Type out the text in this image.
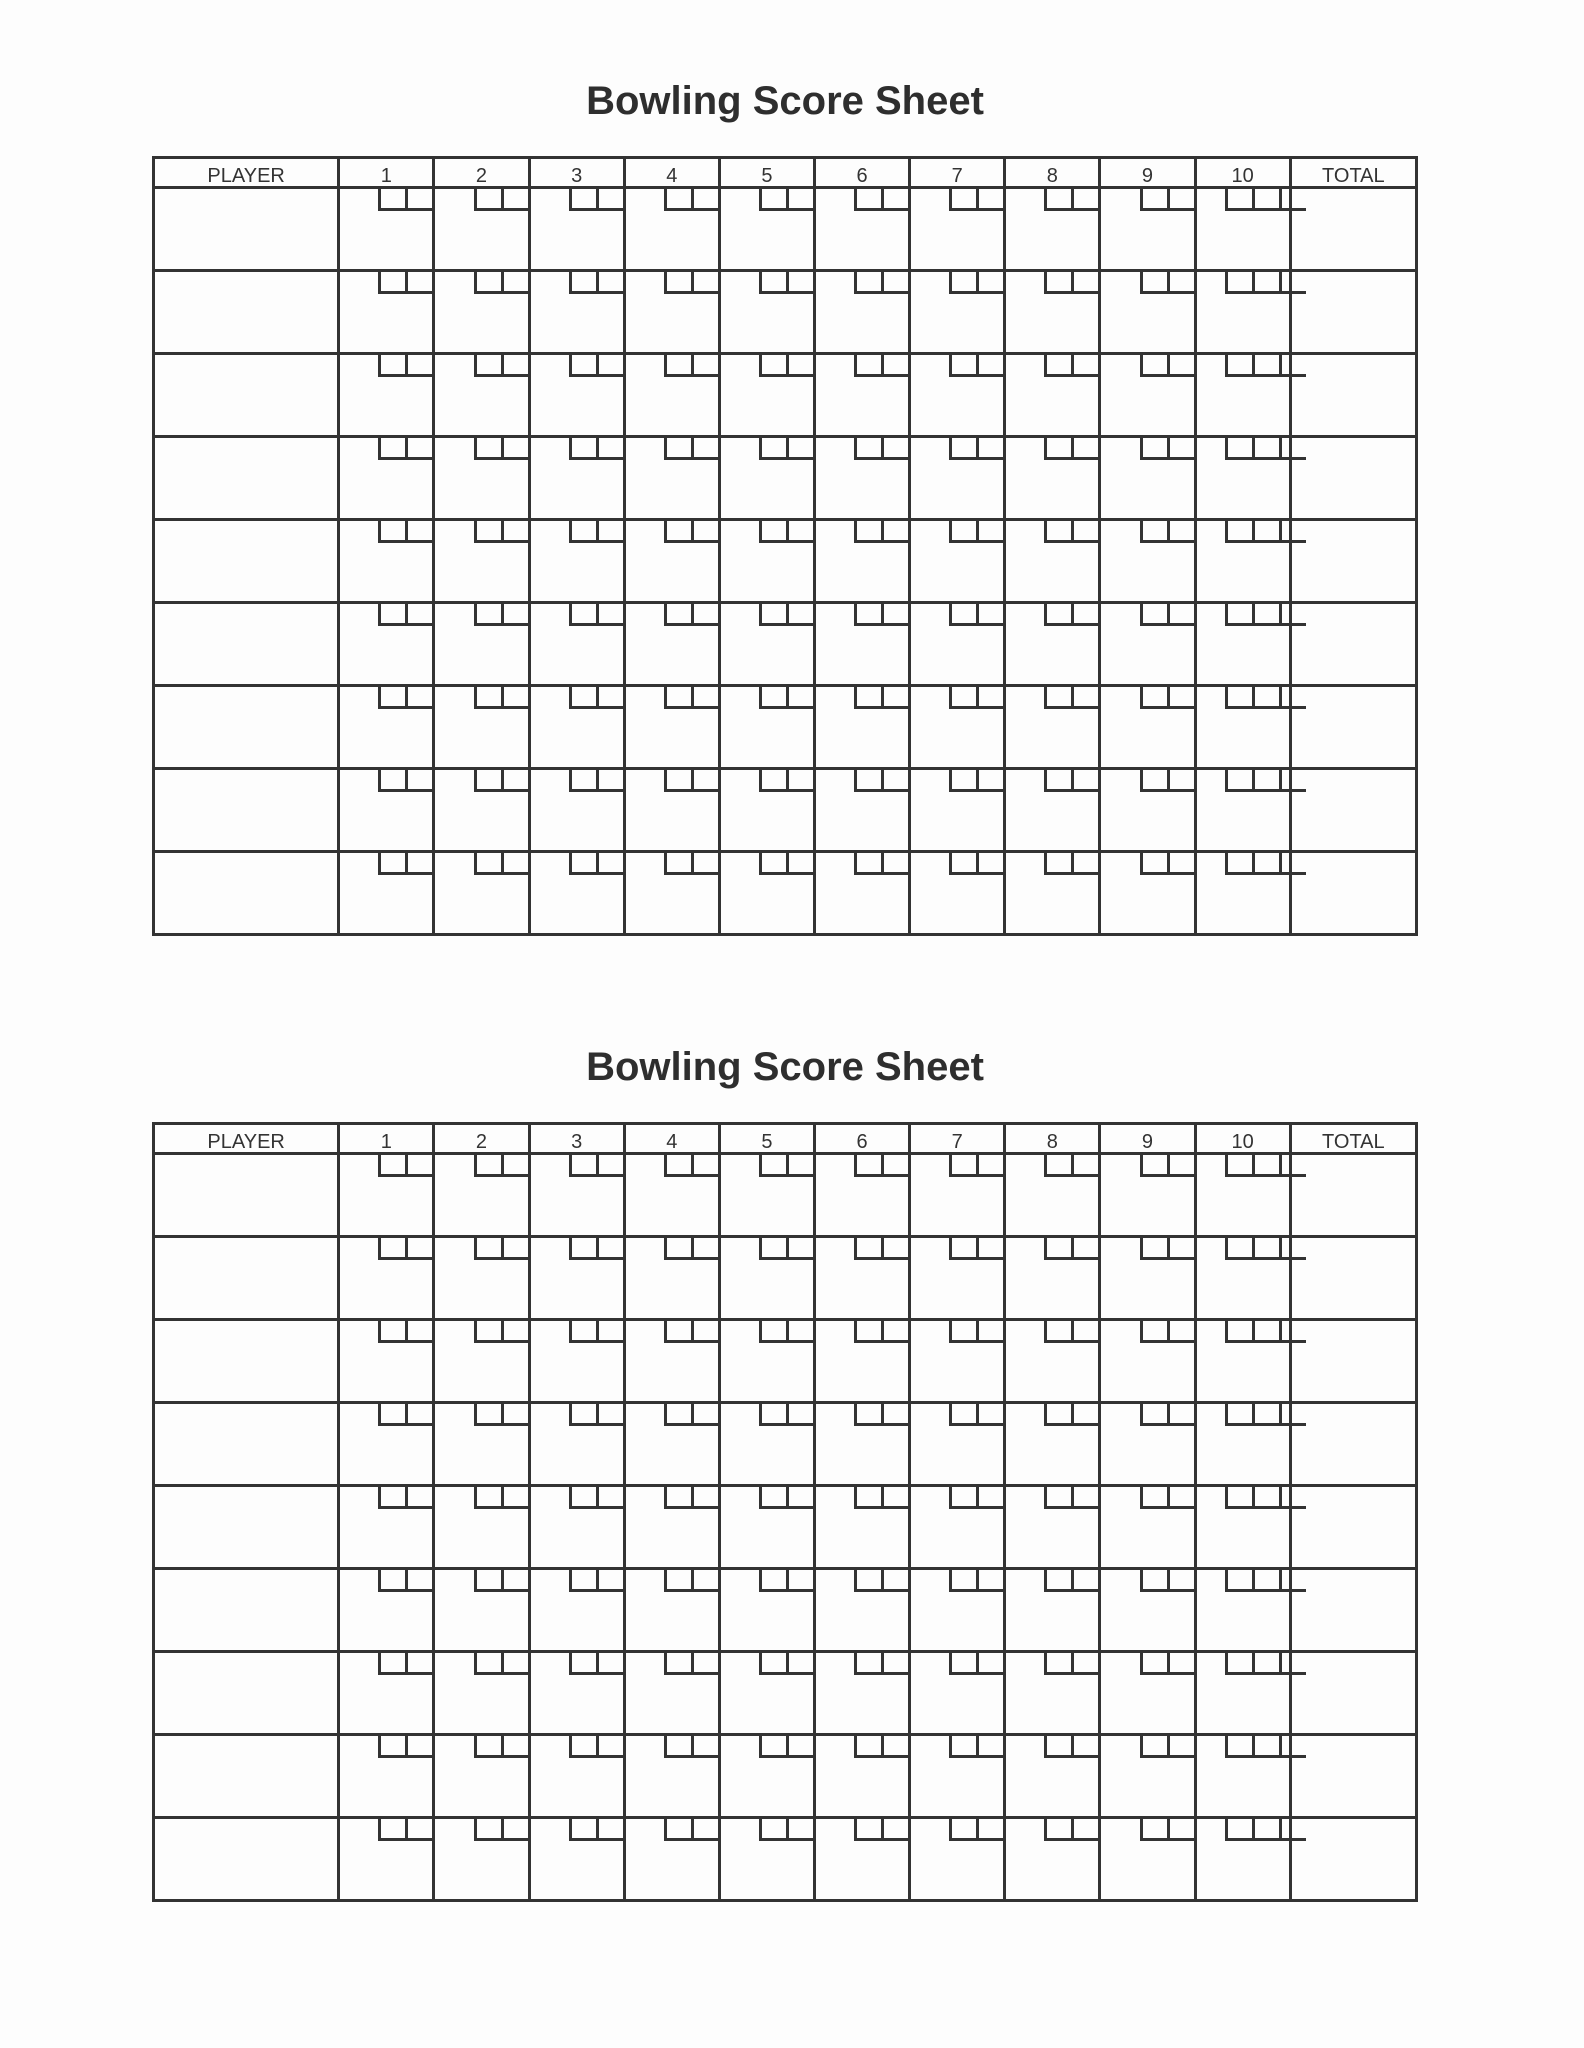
Bowling Score Sheet
PLAYER	1	2	3	4	5	6	7	8	9	10	TOTAL

Bowling Score Sheet
PLAYER	1	2	3	4	5	6	7	8	9	10	TOTAL
